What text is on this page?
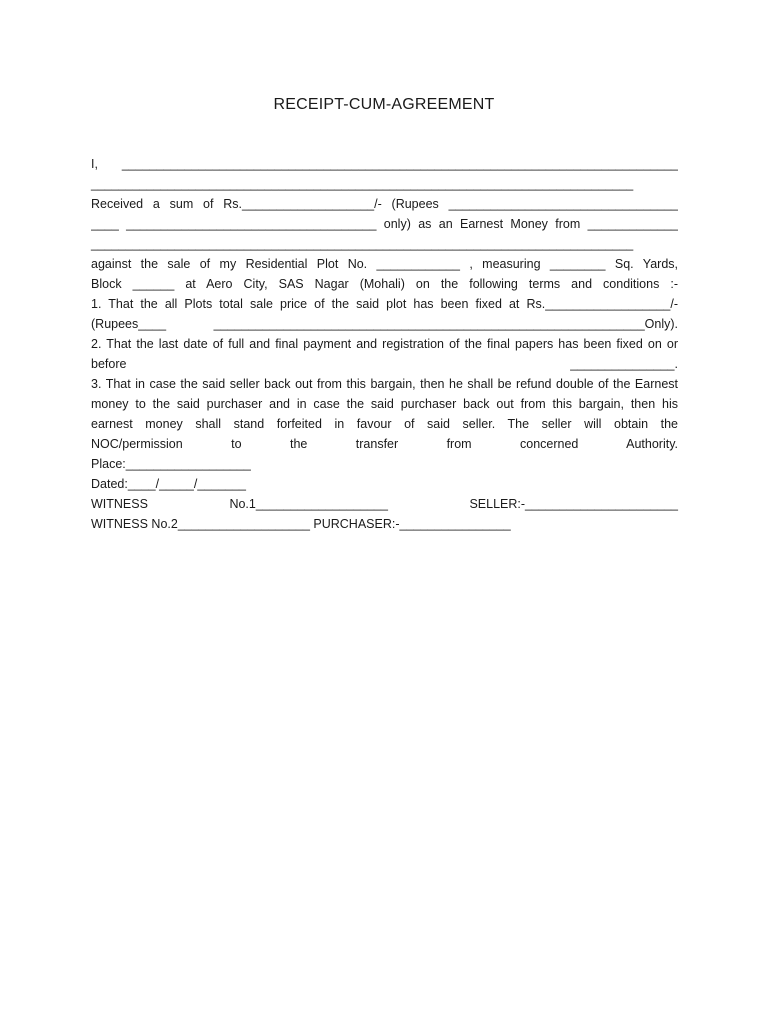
RECEIPT-CUM-AGREEMENT
I, ________________________________________________________________________________
______________________________________________________________________________
Received a sum of Rs.___________________/- (Rupees _________________________________
____ ____________________________________ only) as an Earnest Money from _____________
______________________________________________________________________________
against the sale of my Residential Plot No. ____________ , measuring ________ Sq. Yards,
Block ______ at Aero City, SAS Nagar (Mohali) on the following terms and conditions :-
1. That the all Plots total sale price of the said plot has been fixed at Rs.__________________/-
(Rupees____ ______________________________________________________________Only).
2. That the last date of full and final payment and registration of the final papers has been fixed on or
before	_______________.
3. That in case the said seller back out from this bargain, then he shall be refund double of the Earnest
money to the said purchaser and in case the said purchaser back out from this bargain, then his
earnest money shall stand forfeited in favour of said seller. The seller will obtain the
NOC/permission to the transfer from concerned Authority.
Place:__________________
Dated:____/_____/_______
WITNESS	No.1___________________	SELLER:-______________________
WITNESS No.2___________________ PURCHASER:-________________
